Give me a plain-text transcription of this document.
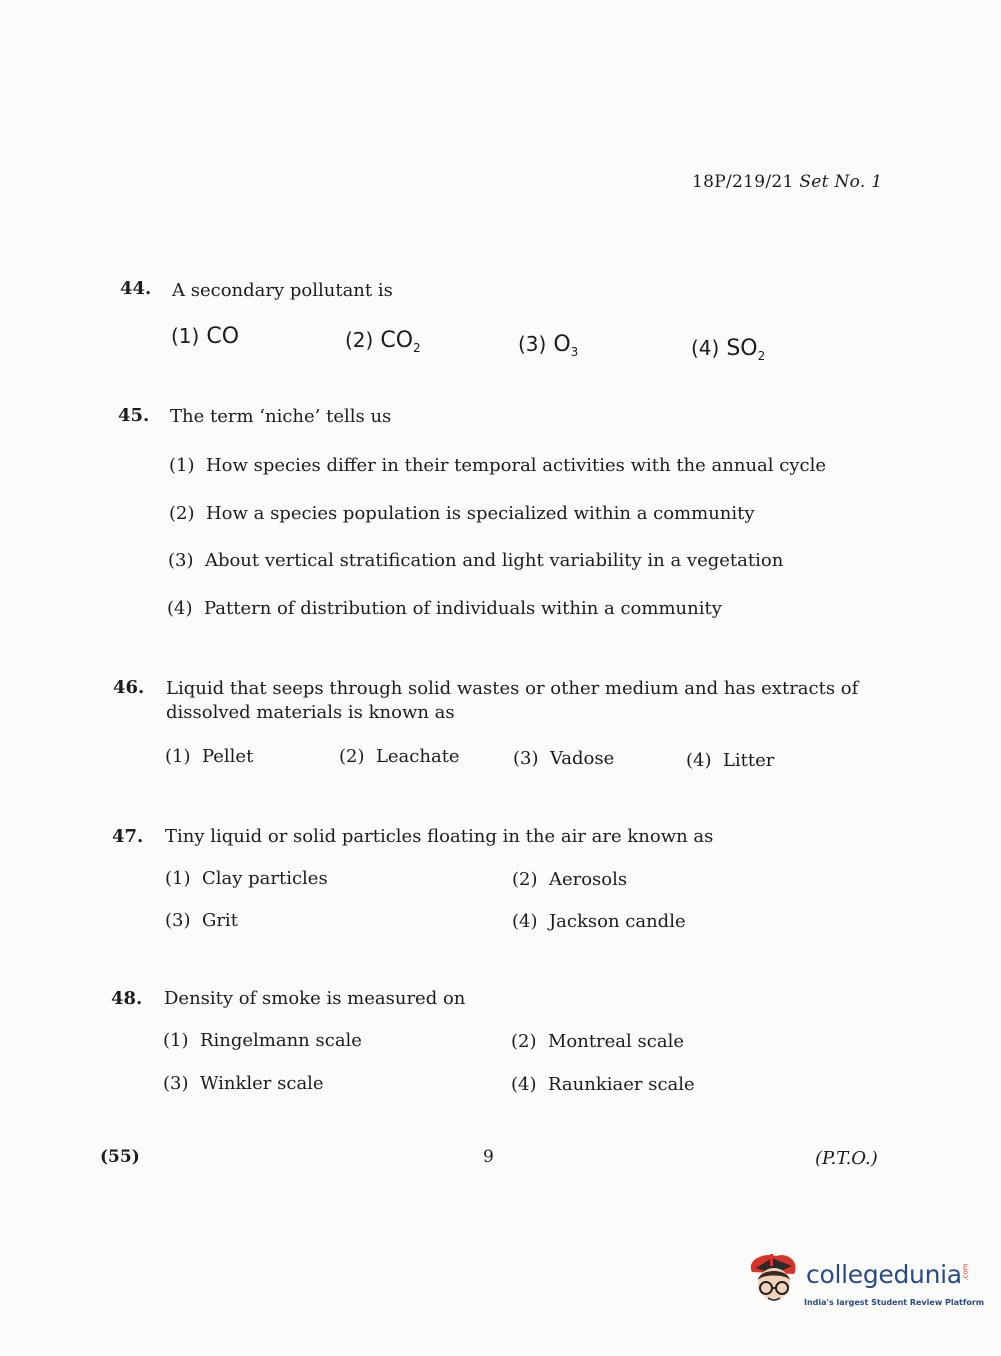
18P/219/21 Set No. 1
44. A secondary pollutant is
(1) CO	(2) $CO_2$	(3) $O_3$	(4) $SO_2$
45. The term ‘niche’ tells us
(1) How species differ in their temporal activities with the annual cycle
(2) How a species population is specialized within a community
(3) About vertical stratification and light variability in a vegetation
(4) Pattern of distribution of individuals within a community
46. Liquid that seeps through solid wastes or other medium and has extracts of
dissolved materials is known as
(1) Pellet	(2) Leachate	(3) Vadose	(4) Litter
47. Tiny liquid or solid particles floating in the air are known as
(1) Clay particles	(2) Aerosols
(3) Grit	(4) Jackson candle
48. Density of smoke is measured on
(1) Ringelmann scale	(2) Montreal scale
(3) Winkler scale	(4) Raunkiaer scale
(55)	9	(P.T.O.)
collegedunia .com
India's largest Student Review Platform
